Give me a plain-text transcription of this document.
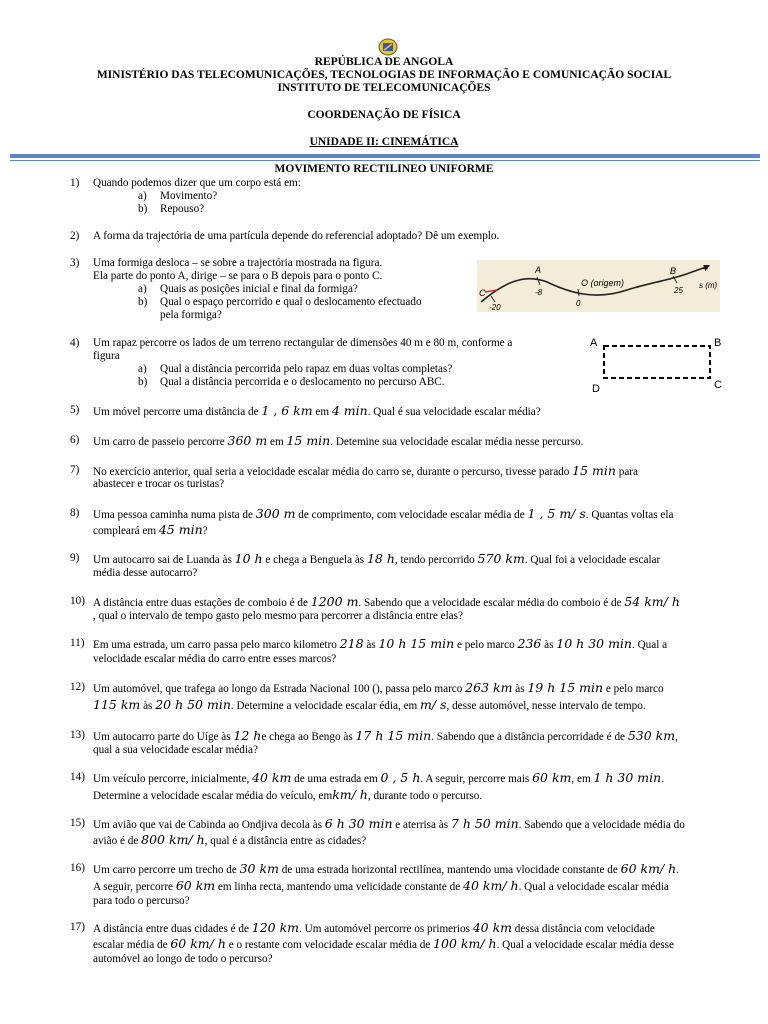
REPÚBLICA DE ANGOLA
MINISTÉRIO DAS TELECOMUNICAÇÕES, TECNOLOGIAS DE INFORMAÇÃO E COMUNICAÇÃO SOCIAL
INSTITUTO DE TELECOMUNICAÇÕES
COORDENAÇÃO DE FÍSICA
UNIDADE II: CINEMÁTICA
MOVIMENTO RECTILINEO UNIFORME
1)	Quando podemos dizer que um corpo está em:
a) Movimento?
b) Repouso?
2)	A forma da trajectória de uma partícula depende do referencial adoptado? Dê um exemplo.
3)	Uma formiga desloca – se sobre a trajectória mostrada na figura.
Ela parte do ponto A, dirige – se para o B depois para o ponto C.
a) Quais as posições inicial e final da formiga?
b) Qual o espaço percorrido e qual o deslocamento efectuado
pela formiga?
C
A
O (origem)
B	+
s (m)
-20
-8
0
25
4)	Um rapaz percorre os lados de um terreno rectangular de dimensões 40 m e 80 m, conforme a
figura
a) Qual a distância percorrida pelo rapaz em duas voltas completas?
b) Qual a distância percorrida e o deslocamento no percurso ABC.
A	B
C
D
5)	Um móvel percorre uma distância de 1 , 6 km em 4 min. Qual é sua velocidade escalar média?
6)	Um carro de passeio percorre 360 m em 15 min. Detemine sua velocidade escalar média nesse percurso.
7)	No exercício anterior, qual seria a velocidade escalar média do carro se, durante o percurso, tivesse parado 15 min para
abastecer e trocar os turistas?
8)	Uma pessoa caminha numa pista de 300 m de comprimento, com velocidade escalar média de 1 , 5 m/ s. Quantas voltas ela
compleará em 45 min?
9)	Um autocarro sai de Luanda às 10 h e chega a Benguela às 18 h, tendo percorrido 570 km. Qual foi a velocidade escalar
média desse autocarro?
10) A distância entre duas estações de comboio é de 1200 m. Sabendo que a velocidade escalar média do comboio é de 54 km/ h
, qual o intervalo de tempo gasto pelo mesmo para percorrer a distância entre elas?
11) Em uma estrada, um carro passa pelo marco kilometro 218 às 10 h 15 min e pelo marco 236 às 10 h 30 min. Qual a
velocidade escalar média do carro entre esses marcos?
12) Um automóvel, que trafega ao longo da Estrada Nacional 100 (), passa pelo marco 263 km às 19 h 15 min e pelo marco
115 km às 20 h 50 min. Determine a velocidade escalar édia, em m/ s, desse automóvel, nesse intervalo de tempo.
13) Um autocarro parte do Uíge às 12 he chega ao Bengo às 17 h 15 min. Sabendo que a distância percorridade é de 530 km,
qual a sua velocidade escalar média?
14) Um veículo percorre, inicialmente, 40 km de uma estrada em 0 , 5 h. A seguir, percorre mais 60 km, em 1 h 30 min.
Determine a velocidade escalar média do veículo, emkm/ h, durante todo o percurso.
15) Um avião que vai de Cabinda ao Ondjiva decola às 6 h 30 min e aterrisa às 7 h 50 min. Sabendo que a velocidade média do
avião é de 800 km/ h, qual é a distância entre as cidades?
16) Um carro percorre um trecho de 30 km de uma estrada horizontal rectilínea, mantendo uma vlocidade constante de 60 km/ h.
A seguir, percorre 60 km em linha recta, mantendo uma velicidade constante de 40 km/ h. Qual a velocidade escalar média
para todo o percurso?
17) A distância entre duas cidades é de 120 km. Um automóvel percorre os primerios 40 km dessa distância com velocidade
escalar média de 60 km/ h e o restante com velocidade escalar média de 100 km/ h. Qual a velocidade escalar média desse
automóvel ao longo de todo o percurso?
